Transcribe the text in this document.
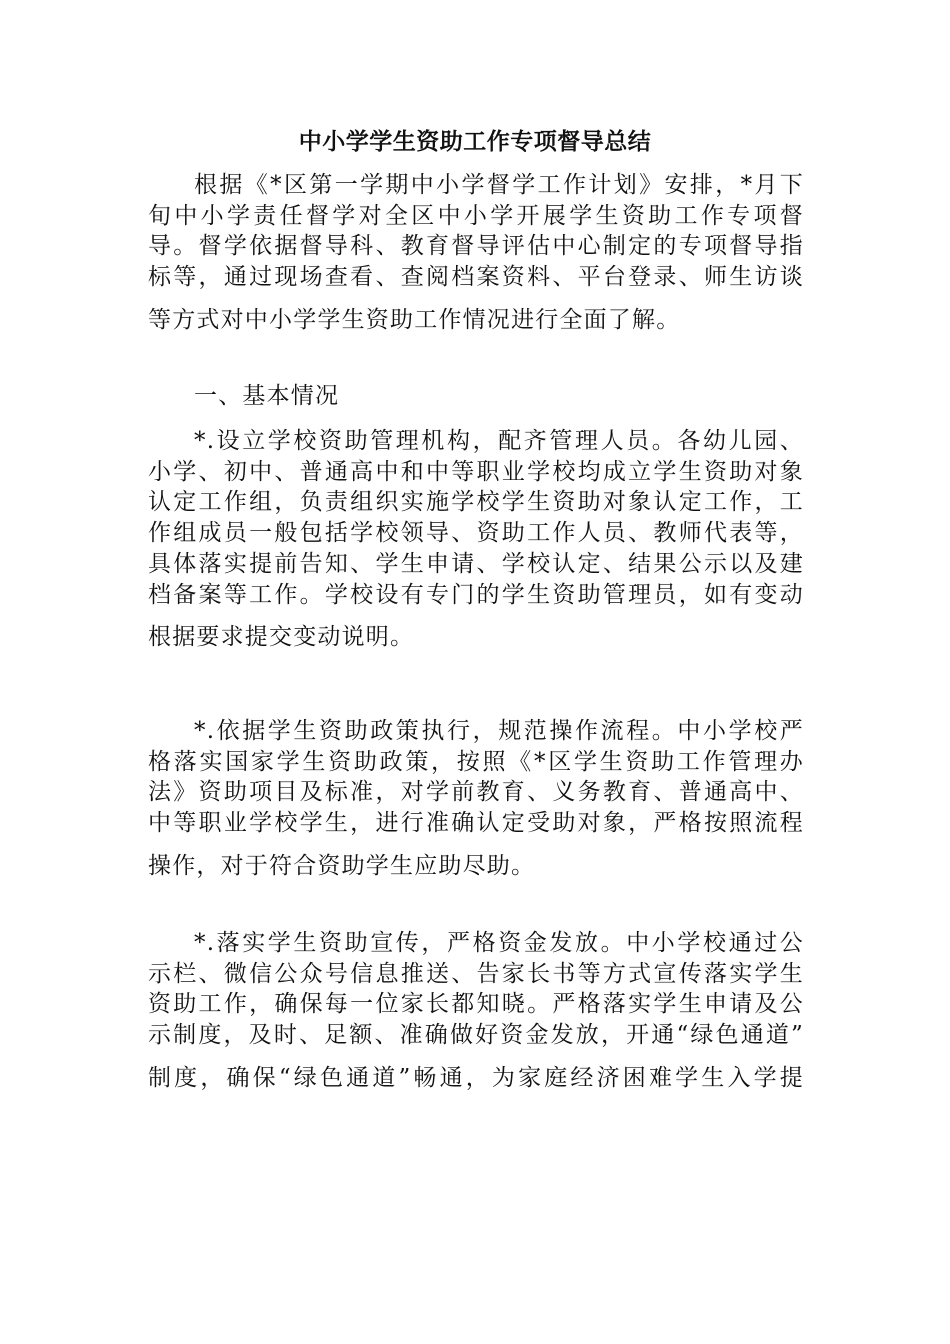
中小学学生资助工作专项督导总结
根据《*区第一学期中小学督学工作计划》安排，*月下
旬中小学责任督学对全区中小学开展学生资助工作专项督
导。督学依据督导科、教育督导评估中心制定的专项督导指
标等，通过现场查看、查阅档案资料、平台登录、师生访谈
等方式对中小学学生资助工作情况进行全面了解。
一、基本情况
*.设立学校资助管理机构，配齐管理人员。各幼儿园、
小学、初中、普通高中和中等职业学校均成立学生资助对象
认定工作组，负责组织实施学校学生资助对象认定工作，工
作组成员一般包括学校领导、资助工作人员、教师代表等，
具体落实提前告知、学生申请、学校认定、结果公示以及建
档备案等工作。学校设有专门的学生资助管理员，如有变动
根据要求提交变动说明。
*.依据学生资助政策执行，规范操作流程。中小学校严
格落实国家学生资助政策，按照《*区学生资助工作管理办
法》资助项目及标准，对学前教育、义务教育、普通高中、
中等职业学校学生，进行准确认定受助对象，严格按照流程
操作，对于符合资助学生应助尽助。
*.落实学生资助宣传，严格资金发放。中小学校通过公
示栏、微信公众号信息推送、告家长书等方式宣传落实学生
资助工作，确保每一位家长都知晓。严格落实学生申请及公
示制度，及时、足额、准确做好资金发放，开通“绿色通道”
制度，确保“绿色通道”畅通，为家庭经济困难学生入学提
